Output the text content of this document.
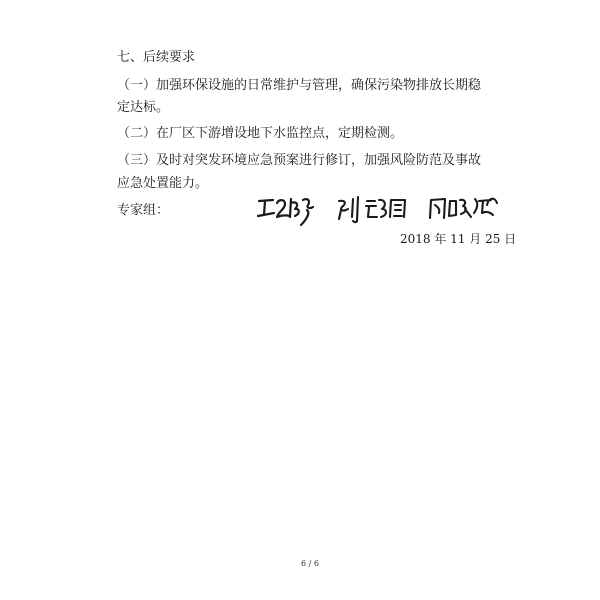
七、后续要求
（一）加强环保设施的日常维护与管理，确保污染物排放长期稳
定达标。
（二）在厂区下游增设地下水监控点，定期检测。
（三）及时对突发环境应急预案进行修订，加强风险防范及事故
应急处置能力。
专家组：
2018 年 11 月 25 日
6 / 6
